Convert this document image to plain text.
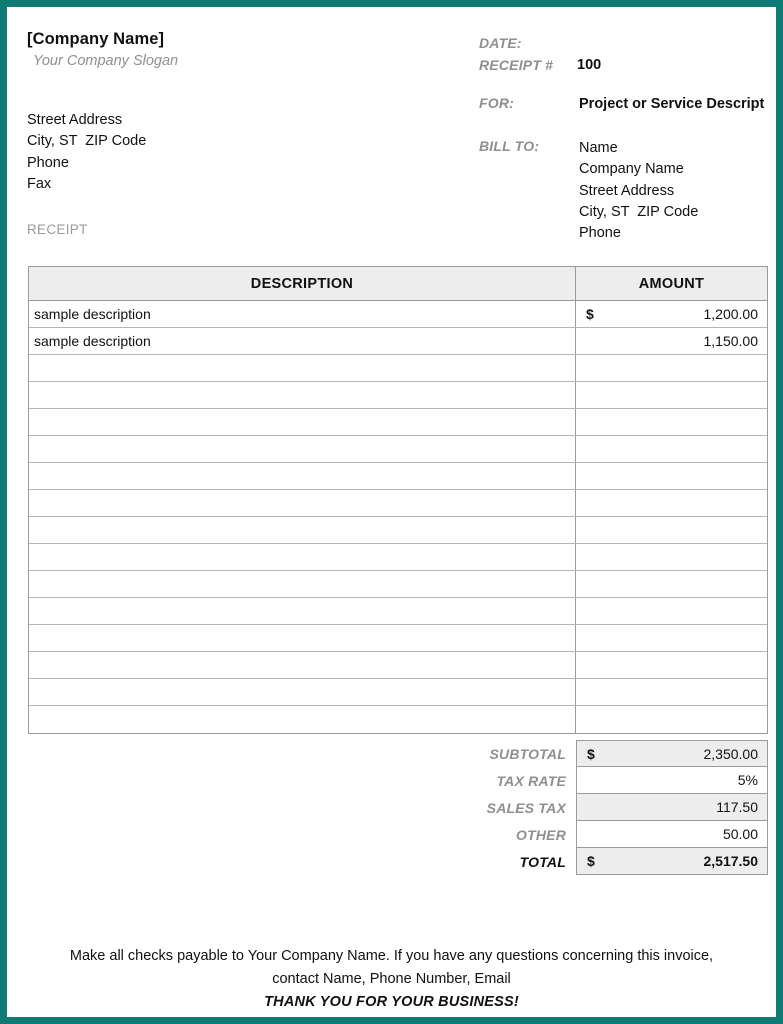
[Company Name]
Your Company Slogan
Street Address
City, ST  ZIP Code
Phone
Fax
RECEIPT
DATE:
RECEIPT # 100
FOR:	Project or Service Descript
BILL TO:	Name
Company Name
Street Address
City, ST  ZIP Code
Phone
DESCRIPTION	AMOUNT
sample description	$	1,200.00
sample description	1,150.00
SUBTOTAL	$	2,350.00
TAX RATE	5%
SALES TAX	117.50
OTHER	50.00
TOTAL	$	2,517.50
Make all checks payable to Your Company Name. If you have any questions concerning this invoice,
contact Name, Phone Number, Email
THANK YOU FOR YOUR BUSINESS!
